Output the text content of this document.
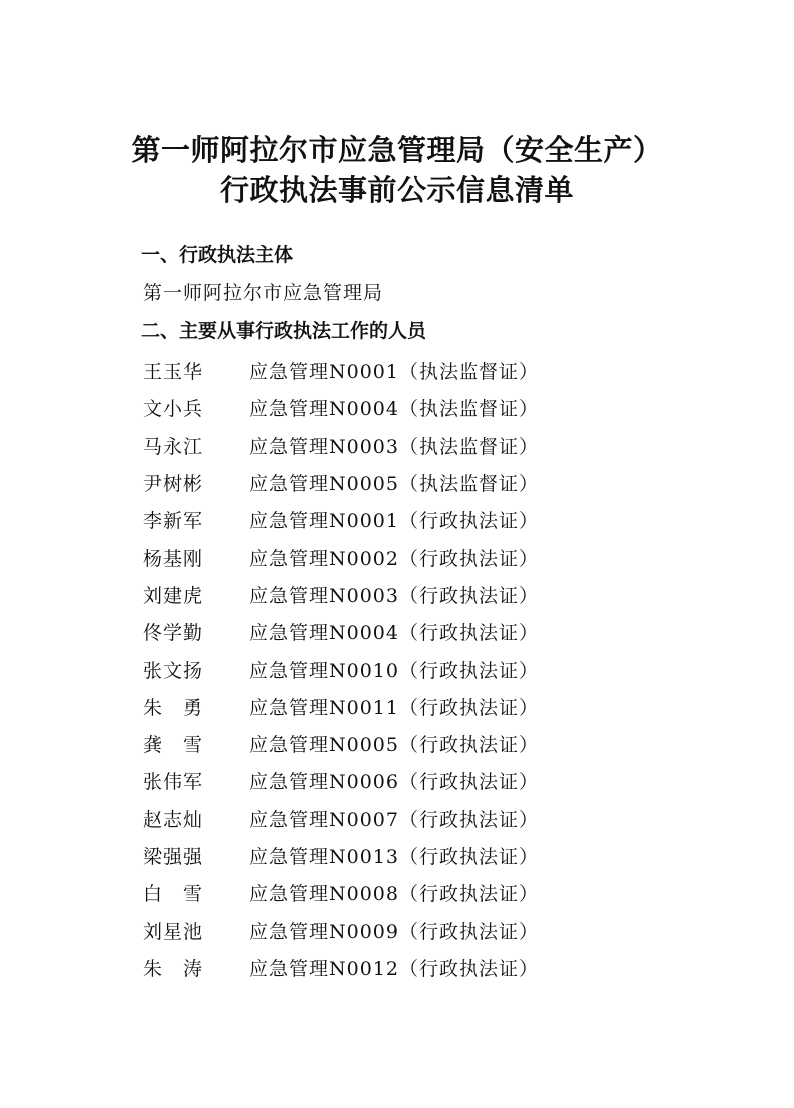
第一师阿拉尔市应急管理局（安全生产）
行政执法事前公示信息清单
一、行政执法主体
第一师阿拉尔市应急管理局
二、主要从事行政执法工作的人员
王玉华	应急管理N0001（执法监督证）
文小兵	应急管理N0004（执法监督证）
马永江	应急管理N0003（执法监督证）
尹树彬	应急管理N0005（执法监督证）
李新军	应急管理N0001（行政执法证）
杨基刚	应急管理N0002（行政执法证）
刘建虎	应急管理N0003（行政执法证）
佟学勤	应急管理N0004（行政执法证）
张文扬	应急管理N0010（行政执法证）
朱　勇	应急管理N0011（行政执法证）
龚　雪	应急管理N0005（行政执法证）
张伟军	应急管理N0006（行政执法证）
赵志灿	应急管理N0007（行政执法证）
梁强强	应急管理N0013（行政执法证）
白　雪	应急管理N0008（行政执法证）
刘星池	应急管理N0009（行政执法证）
朱　涛	应急管理N0012（行政执法证）
